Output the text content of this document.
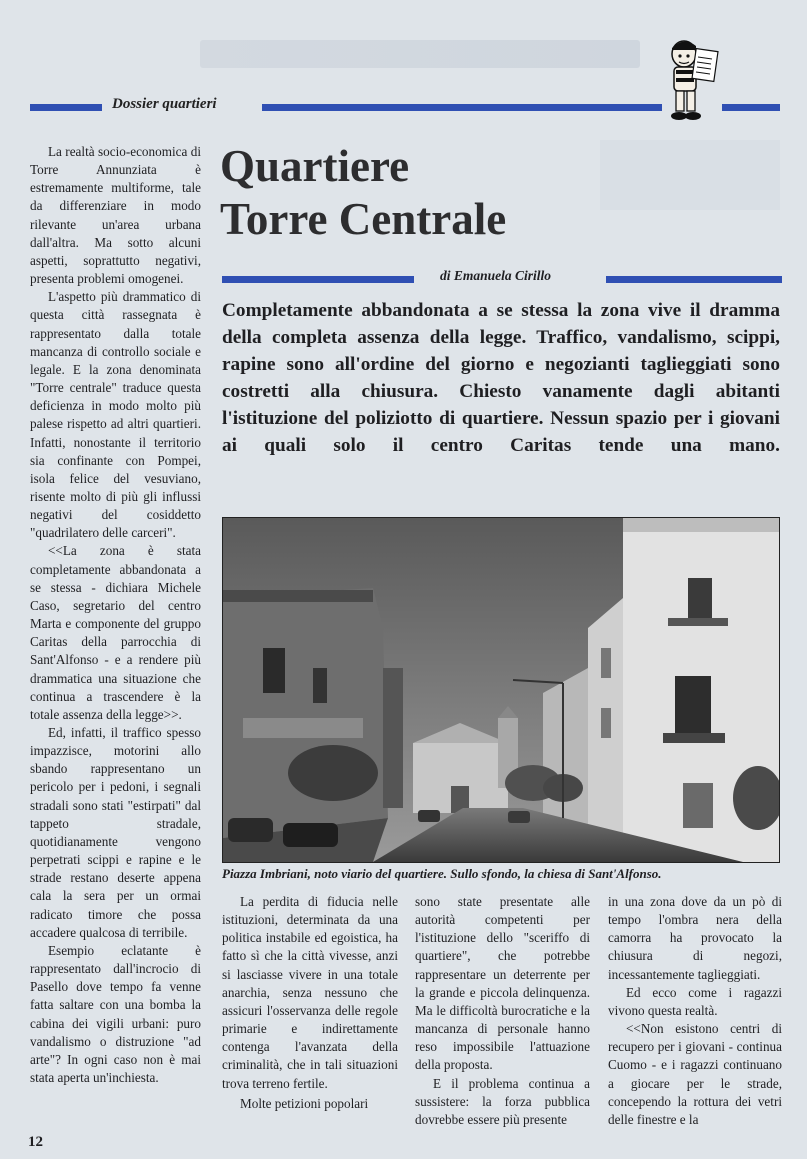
Dossier quartieri

La realtà socio-economica di Torre Annunziata è estremamente multiforme, tale da differenziare in modo rilevante un'area urbana dall'altra. Ma sotto alcuni aspetti, soprattutto negativi, presenta problemi omogenei.

L'aspetto più drammatico di questa città rassegnata è rappresentato dalla totale mancanza di controllo sociale e legale. E la zona denominata "Torre centrale" traduce questa deficienza in modo molto più palese rispetto ad altri quartieri. Infatti, nonostante il territorio sia confinante con Pompei, isola felice del vesuviano, risente molto di più gli influssi negativi del cosiddetto "quadrilatero delle carceri".

<<La zona è stata completamente abbandonata a se stessa - dichiara Michele Caso, segretario del centro Marta e componente del gruppo Caritas della parrocchia di Sant'Alfonso - e a rendere più drammatica una situazione che continua a trascendere è la totale assenza della legge>>.

Ed, infatti, il traffico spesso impazzisce, motorini allo sbando rappresentano un pericolo per i pedoni, i segnali stradali sono stati "estirpati" dal tappeto stradale, quotidianamente vengono perpetrati scippi e rapine e le strade restano deserte appena cala la sera per un ormai radicato timore che possa accadere qualcosa di terribile.

Esempio eclatante è rappresentato dall'incrocio di Pasello dove tempo fa venne fatta saltare con una bomba la cabina dei vigili urbani: puro vandalismo o distruzione "ad arte"? In ogni caso non è mai stata aperta un'inchiesta.

Quartiere
Torre Centrale
di Emanuela Cirillo
Completamente abbandonata a se stessa la zona vive il dramma della completa assenza della legge. Traffico, vandalismo, scippi, rapine sono all'ordine del giorno e negozianti taglieggiati sono costretti alla chiusura. Chiesto vanamente dagli abitanti l'istituzione del poliziotto di quartiere. Nessun spazio per i giovani ai quali solo il centro Caritas tende una mano.
Piazza Imbriani, noto viario del quartiere. Sullo sfondo, la chiesa di Sant'Alfonso.

La perdita di fiducia nelle istituzioni, determinata da una politica instabile ed egoistica, ha fatto sì che la città vivesse, anzi si lasciasse vivere in una totale anarchia, senza nessuno che assicuri l'osservanza delle regole primarie e indirettamente contenga l'avanzata della criminalità, che in tali situazioni trova terreno fertile.

Molte petizioni popolari

sono state presentate alle autorità competenti per l'istituzione dello "sceriffo di quartiere", che potrebbe rappresentare un deterrente per la grande e piccola delinquenza. Ma le difficoltà burocratiche e la mancanza di personale hanno reso impossibile l'attuazione della proposta.

E il problema continua a sussistere: la forza pubblica dovrebbe essere più presente

in una zona dove da un pò di tempo l'ombra nera della camorra ha provocato la chiusura di negozi, incessantemente taglieggiati.

Ed ecco come i ragazzi vivono questa realtà.

<<Non esistono centri di recupero per i giovani - continua Cuomo - e i ragazzi continuano a giocare per le strade, concependo la rottura dei vetri delle finestre e la

12
